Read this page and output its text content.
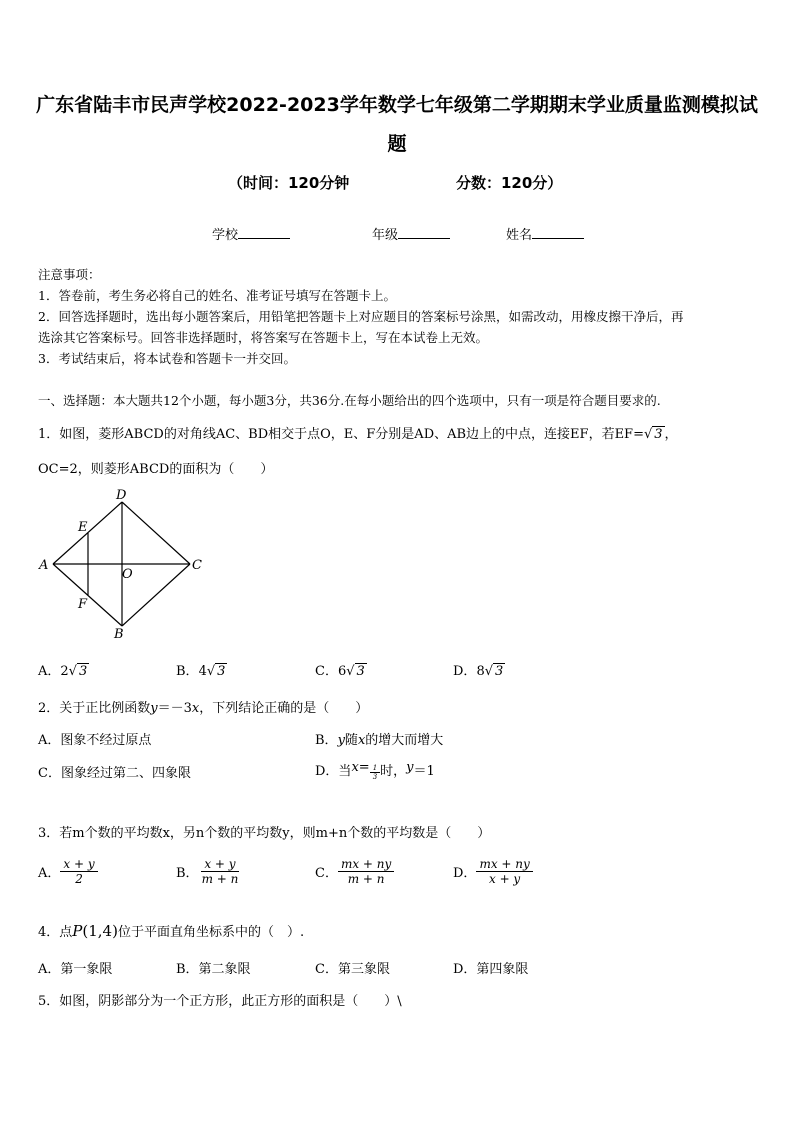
广东省陆丰市民声学校2022-2023学年数学七年级第二学期期末学业质量监测模拟试
题
（时间：120分钟	分数：120分）
学校	年级	姓名
注意事项：
1．答卷前，考生务必将自己的姓名、准考证号填写在答题卡上。
2．回答选择题时，选出每小题答案后，用铅笔把答题卡上对应题目的答案标号涂黑，如需改动，用橡皮擦干净后，再
选涂其它答案标号。回答非选择题时，将答案写在答题卡上，写在本试卷上无效。
3．考试结束后，将本试卷和答题卡一并交回。
一、选择题：本大题共12个小题，每小题3分，共36分.在每小题给出的四个选项中，只有一项是符合题目要求的.
1．如图，菱形ABCD的对角线AC、BD相交于点O，E、F分别是AD、AB边上的中点，连接EF，若EF=√ 3 ，
OC=2，则菱形ABCD的面积为（　　）
D
E
A
O
C
F
B
A．2√ 3	B．4√ 3	C．6√ 3	D．8√ 3
2．关于正比例函数y＝－3x，下列结论正确的是（　　）
A．图象不经过原点	B．y随x的增大而增大
C．图象经过第二、四象限	D．当 $x = \frac{1}{3}$ 时， y ＝1
3．若m个数的平均数x，另n个数的平均数y，则m+n个数的平均数是（　　）
A． $\frac{x + y}{2}$	B． $\frac{x + y}{m + n}$	C． $\frac{mx + ny}{m + n}$	D． $\frac{mx + ny}{x + y}$
4．点P(1,4)位于平面直角坐标系中的（　）.
A．第一象限	B．第二象限	C．第三象限	D．第四象限
5．如图，阴影部分为一个正方形，此正方形的面积是（　　）\
